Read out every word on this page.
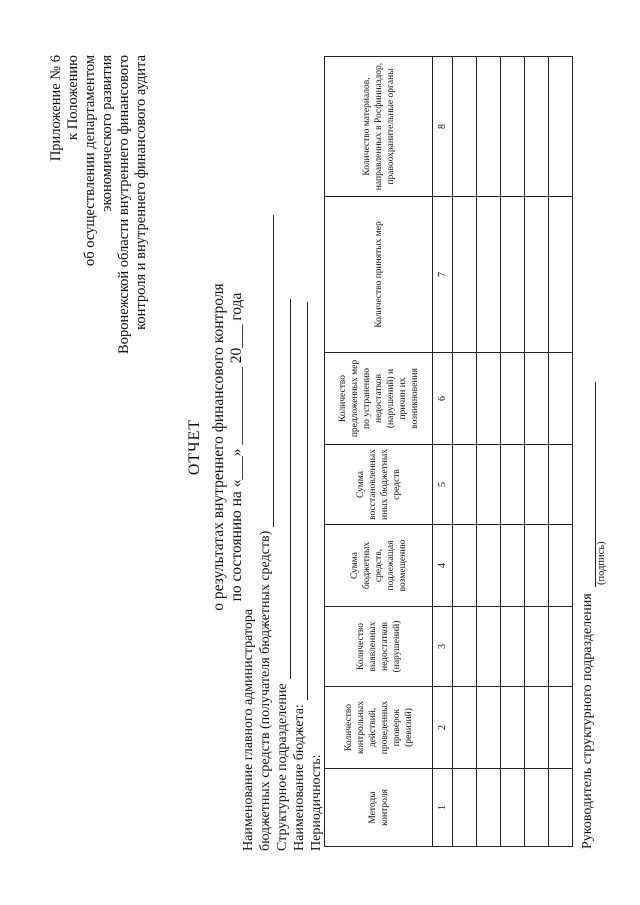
Приложение № 6 к Положению об осуществлении департаментом экономического развития Воронежской области внутреннего финансового контроля и внутреннего финансового аудита
ОТЧЕТ о результатах внутреннего финансового контроля по состоянию на «___» __________ 20___ года
Наименование главного администратора бюджетных средств (получателя бюджетных средств) Структурное подразделение Наименование бюджета: Периодичность:	Методы контроля	Количество контрольных действий, проведенных проверок (ревизий)	Количество выявленных недостатков (нарушений)	Сумма бюджетных средств, подлежащая возмещению	Сумма восстановленных иных бюджетных средств	Количество предложенных мер по устранению недостатков (нарушений) и причин их возникновения	Количество принятых мер	Количество материалов, направленных в Росфинназдор, правоохранительные органы
1	2	3	4	5	6	7	8

Руководитель структурного подразделения
(подпись)
